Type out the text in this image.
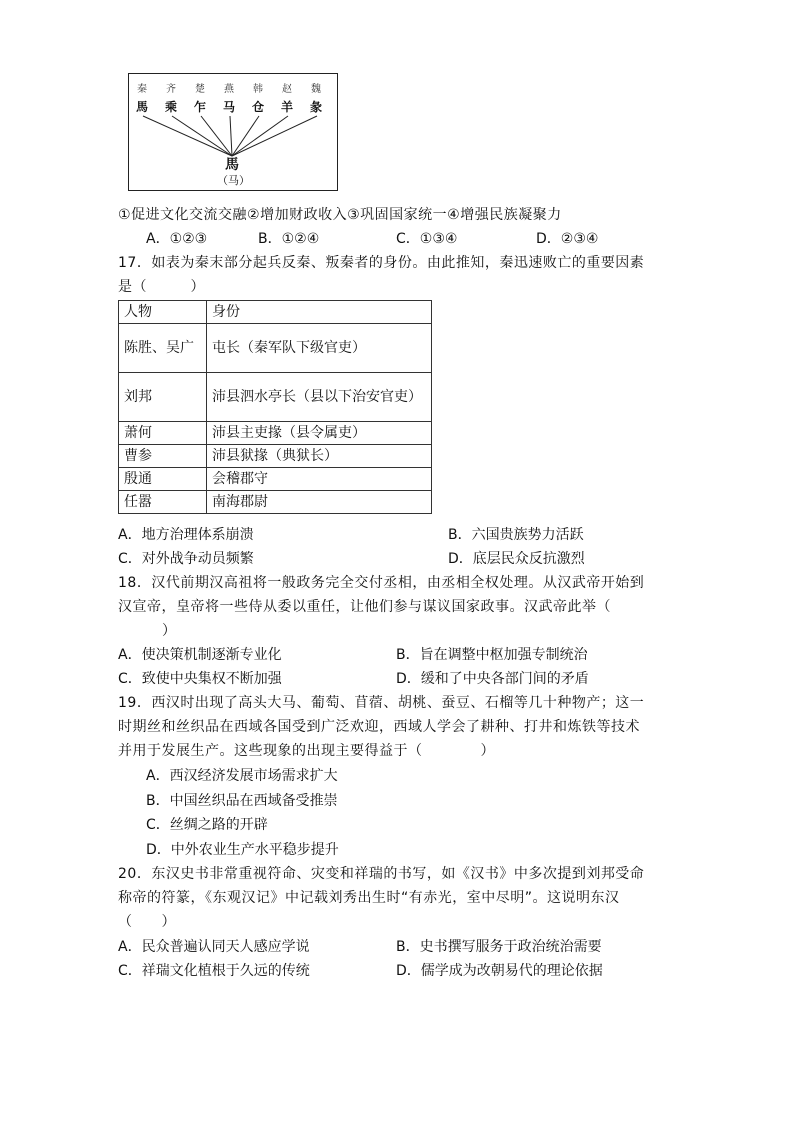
秦 齐 楚 燕 韩 赵 魏
馬 乘 乍 马 仓 羊 彖
馬
（马）
①促进文化交流交融②增加财政收入③巩固国家统一④增强民族凝聚力
A．①②③	B．①②④	C．①③④	D．②③④
17．如表为秦末部分起兵反秦、叛秦者的身份。由此推知，秦迅速败亡的重要因素
是（　　　）
人物	身份
陈胜、吴广	屯长（秦军队下级官吏）
刘邦	沛县泗水亭长（县以下治安官吏）
萧何	沛县主吏掾（县令属吏）
曹参	沛县狱掾（典狱长）
殷通	会稽郡守
任嚣	南海郡尉
A．地方治理体系崩溃	B．六国贵族势力活跃
C．对外战争动员频繁	D．底层民众反抗激烈
18．汉代前期汉高祖将一般政务完全交付丞相，由丞相全权处理。从汉武帝开始到
汉宣帝，皇帝将一些侍从委以重任，让他们参与谋议国家政事。汉武帝此举（
）
A．使决策机制逐渐专业化	B．旨在调整中枢加强专制统治
C．致使中央集权不断加强	D．缓和了中央各部门间的矛盾
19．西汉时出现了高头大马、葡萄、苜蓿、胡桃、蚕豆、石榴等几十种物产；这一
时期丝和丝织品在西域各国受到广泛欢迎，西域人学会了耕种、打井和炼铁等技术
并用于发展生产。这些现象的出现主要得益于（　　　　）
A．西汉经济发展市场需求扩大
B．中国丝织品在西域备受推崇
C．丝绸之路的开辟
D．中外农业生产水平稳步提升
20．东汉史书非常重视符命、灾变和祥瑞的书写，如《汉书》中多次提到刘邦受命
称帝的符篆，《东观汉记》中记载刘秀出生时“有赤光，室中尽明”。这说明东汉
（　　）
A．民众普遍认同天人感应学说	B．史书撰写服务于政治统治需要
C．祥瑞文化植根于久远的传统	D．儒学成为改朝易代的理论依据
